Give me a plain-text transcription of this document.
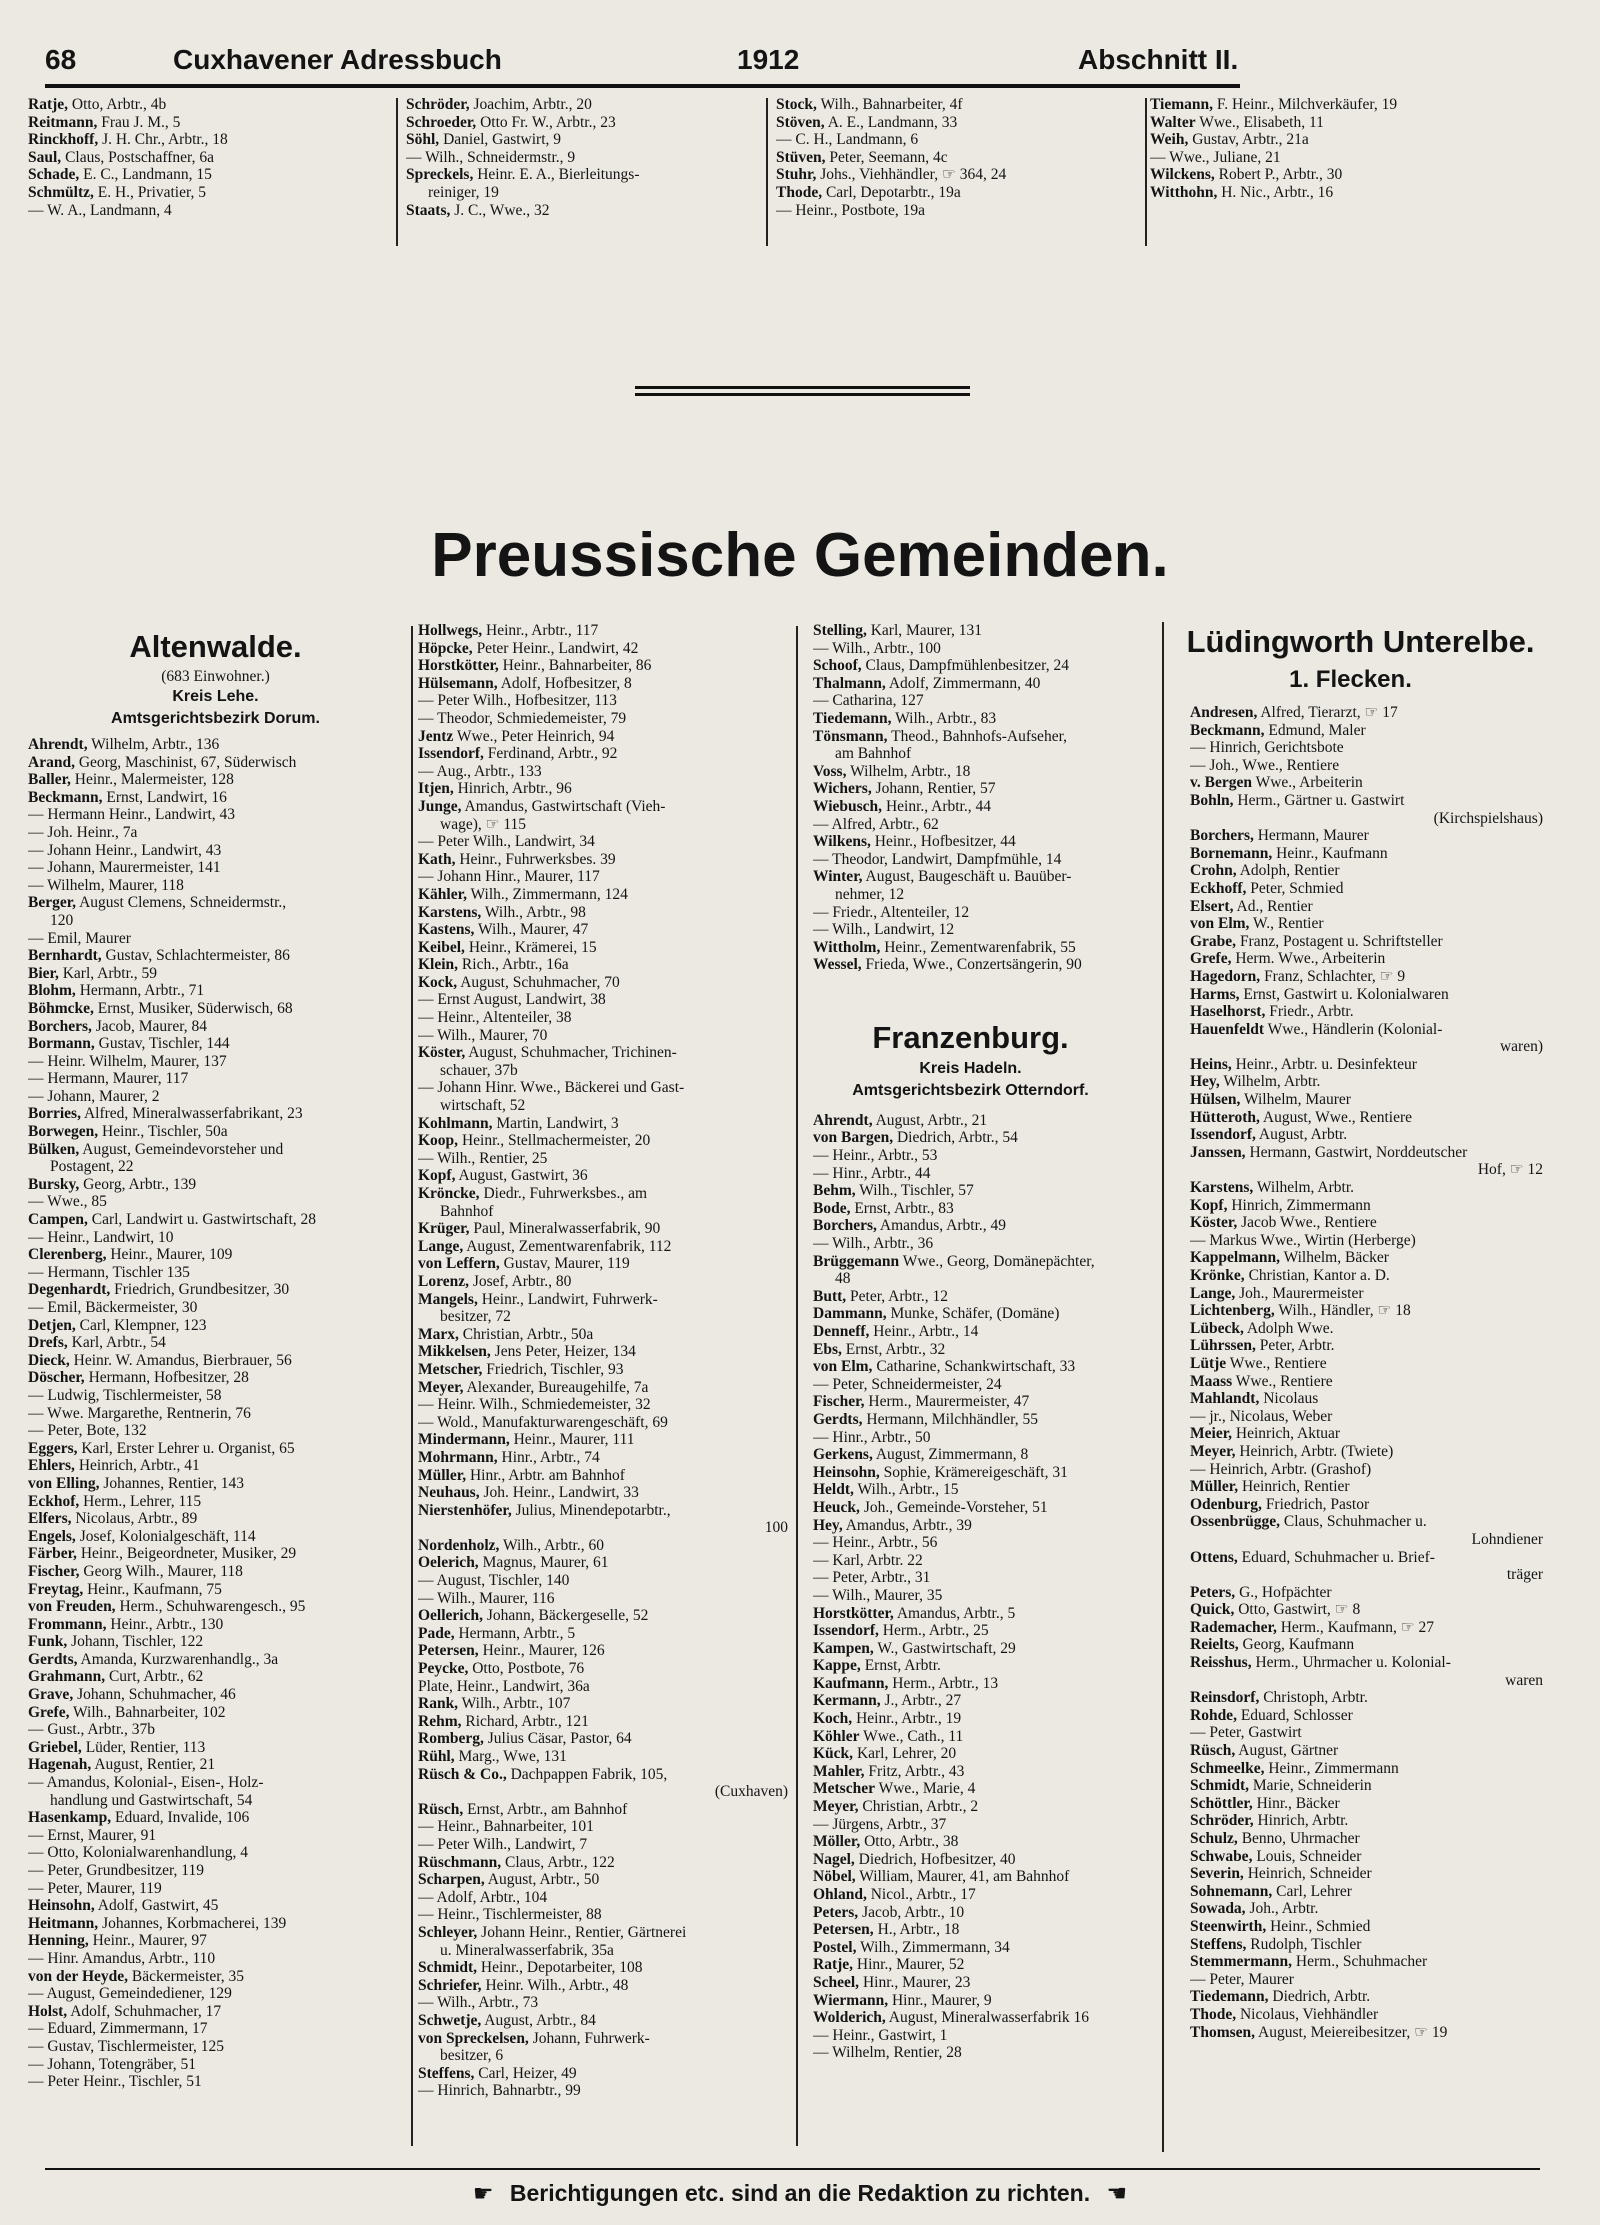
68	Cuxhavener Adressbuch	1912	Abschnitt II.
Ratje, Otto, Arbtr., 4b
Reitmann, Frau J. M., 5
Rinckhoff, J. H. Chr., Arbtr., 18
Saul, Claus, Postschaffner, 6a
Schade, E. C., Landmann, 15
Schmültz, E. H., Privatier, 5
— W. A., Landmann, 4
Schröder, Joachim, Arbtr., 20
Schroeder, Otto Fr. W., Arbtr., 23
Söhl, Daniel, Gastwirt, 9
— Wilh., Schneidermstr., 9
Spreckels, Heinr. E. A., Bierleitungs-
reiniger, 19
Staats, J. C., Wwe., 32
Stock, Wilh., Bahnarbeiter, 4f
Stöven, A. E., Landmann, 33
— C. H., Landmann, 6
Stüven, Peter, Seemann, 4c
Stuhr, Johs., Viehhändler, ☞ 364, 24
Thode, Carl, Depotarbtr., 19a
— Heinr., Postbote, 19a
Tiemann, F. Heinr., Milchverkäufer, 19
Walter Wwe., Elisabeth, 11
Weih, Gustav, Arbtr., 21a
— Wwe., Juliane, 21
Wilckens, Robert P., Arbtr., 30
Witthohn, H. Nic., Arbtr., 16
Preussische Gemeinden.
Altenwalde.
(683 Einwohner.)
Kreis Lehe.
Amtsgerichtsbezirk Dorum.
Ahrendt, Wilhelm, Arbtr., 136
Arand, Georg, Maschinist, 67, Süderwisch
Baller, Heinr., Malermeister, 128
Beckmann, Ernst, Landwirt, 16
— Hermann Heinr., Landwirt, 43
— Joh. Heinr., 7a
— Johann Heinr., Landwirt, 43
— Johann, Maurermeister, 141
— Wilhelm, Maurer, 118
Berger, August Clemens, Schneidermstr.,
120
— Emil, Maurer
Bernhardt, Gustav, Schlachtermeister, 86
Bier, Karl, Arbtr., 59
Blohm, Hermann, Arbtr., 71
Böhmcke, Ernst, Musiker, Süderwisch, 68
Borchers, Jacob, Maurer, 84
Bormann, Gustav, Tischler, 144
— Heinr. Wilhelm, Maurer, 137
— Hermann, Maurer, 117
— Johann, Maurer, 2
Borries, Alfred, Mineralwasserfabrikant, 23
Borwegen, Heinr., Tischler, 50a
Bülken, August, Gemeindevorsteher und
Postagent, 22
Bursky, Georg, Arbtr., 139
— Wwe., 85
Campen, Carl, Landwirt u. Gastwirtschaft, 28
— Heinr., Landwirt, 10
Clerenberg, Heinr., Maurer, 109
— Hermann, Tischler 135
Degenhardt, Friedrich, Grundbesitzer, 30
— Emil, Bäckermeister, 30
Detjen, Carl, Klempner, 123
Drefs, Karl, Arbtr., 54
Dieck, Heinr. W. Amandus, Bierbrauer, 56
Döscher, Hermann, Hofbesitzer, 28
— Ludwig, Tischlermeister, 58
— Wwe. Margarethe, Rentnerin, 76
— Peter, Bote, 132
Eggers, Karl, Erster Lehrer u. Organist, 65
Ehlers, Heinrich, Arbtr., 41
von Elling, Johannes, Rentier, 143
Eckhof, Herm., Lehrer, 115
Elfers, Nicolaus, Arbtr., 89
Engels, Josef, Kolonialgeschäft, 114
Färber, Heinr., Beigeordneter, Musiker, 29
Fischer, Georg Wilh., Maurer, 118
Freytag, Heinr., Kaufmann, 75
von Freuden, Herm., Schuhwarengesch., 95
Frommann, Heinr., Arbtr., 130
Funk, Johann, Tischler, 122
Gerdts, Amanda, Kurzwarenhandlg., 3a
Grahmann, Curt, Arbtr., 62
Grave, Johann, Schuhmacher, 46
Grefe, Wilh., Bahnarbeiter, 102
— Gust., Arbtr., 37b
Griebel, Lüder, Rentier, 113
Hagenah, August, Rentier, 21
— Amandus, Kolonial-, Eisen-, Holz-
handlung und Gastwirtschaft, 54
Hasenkamp, Eduard, Invalide, 106
— Ernst, Maurer, 91
— Otto, Kolonialwarenhandlung, 4
— Peter, Grundbesitzer, 119
— Peter, Maurer, 119
Heinsohn, Adolf, Gastwirt, 45
Heitmann, Johannes, Korbmacherei, 139
Henning, Heinr., Maurer, 97
— Hinr. Amandus, Arbtr., 110
von der Heyde, Bäckermeister, 35
— August, Gemeindediener, 129
Holst, Adolf, Schuhmacher, 17
— Eduard, Zimmermann, 17
— Gustav, Tischlermeister, 125
— Johann, Totengräber, 51
— Peter Heinr., Tischler, 51
Hollwegs, Heinr., Arbtr., 117
Höpcke, Peter Heinr., Landwirt, 42
Horstkötter, Heinr., Bahnarbeiter, 86
Hülsemann, Adolf, Hofbesitzer, 8
— Peter Wilh., Hofbesitzer, 113
— Theodor, Schmiedemeister, 79
Jentz Wwe., Peter Heinrich, 94
Issendorf, Ferdinand, Arbtr., 92
— Aug., Arbtr., 133
Itjen, Hinrich, Arbtr., 96
Junge, Amandus, Gastwirtschaft (Vieh-
wage), ☞ 115
— Peter Wilh., Landwirt, 34
Kath, Heinr., Fuhrwerksbes. 39
— Johann Hinr., Maurer, 117
Kähler, Wilh., Zimmermann, 124
Karstens, Wilh., Arbtr., 98
Kastens, Wilh., Maurer, 47
Keibel, Heinr., Krämerei, 15
Klein, Rich., Arbtr., 16a
Kock, August, Schuhmacher, 70
— Ernst August, Landwirt, 38
— Heinr., Altenteiler, 38
— Wilh., Maurer, 70
Köster, August, Schuhmacher, Trichinen-
schauer, 37b
— Johann Hinr. Wwe., Bäckerei und Gast-
wirtschaft, 52
Kohlmann, Martin, Landwirt, 3
Koop, Heinr., Stellmachermeister, 20
— Wilh., Rentier, 25
Kopf, August, Gastwirt, 36
Kröncke, Diedr., Fuhrwerksbes., am
Bahnhof
Krüger, Paul, Mineralwasserfabrik, 90
Lange, August, Zementwarenfabrik, 112
von Leffern, Gustav, Maurer, 119
Lorenz, Josef, Arbtr., 80
Mangels, Heinr., Landwirt, Fuhrwerk-
besitzer, 72
Marx, Christian, Arbtr., 50a
Mikkelsen, Jens Peter, Heizer, 134
Metscher, Friedrich, Tischler, 93
Meyer, Alexander, Bureaugehilfe, 7a
— Heinr. Wilh., Schmiedemeister, 32
— Wold., Manufakturwarengeschäft, 69
Mindermann, Heinr., Maurer, 111
Mohrmann, Hinr., Arbtr., 74
Müller, Hinr., Arbtr. am Bahnhof
Neuhaus, Joh. Heinr., Landwirt, 33
Nierstenhöfer, Julius, Minendepotarbtr.,
100
Nordenholz, Wilh., Arbtr., 60
Oelerich, Magnus, Maurer, 61
— August, Tischler, 140
— Wilh., Maurer, 116
Oellerich, Johann, Bäckergeselle, 52
Pade, Hermann, Arbtr., 5
Petersen, Heinr., Maurer, 126
Peycke, Otto, Postbote, 76
Plate, Heinr., Landwirt, 36a
Rank, Wilh., Arbtr., 107
Rehm, Richard, Arbtr., 121
Romberg, Julius Cäsar, Pastor, 64
Rühl, Marg., Wwe, 131
Rüsch & Co., Dachpappen Fabrik, 105,
(Cuxhaven)
Rüsch, Ernst, Arbtr., am Bahnhof
— Heinr., Bahnarbeiter, 101
— Peter Wilh., Landwirt, 7
Rüschmann, Claus, Arbtr., 122
Scharpen, August, Arbtr., 50
— Adolf, Arbtr., 104
— Heinr., Tischlermeister, 88
Schleyer, Johann Heinr., Rentier, Gärtnerei
u. Mineralwasserfabrik, 35a
Schmidt, Heinr., Depotarbeiter, 108
Schriefer, Heinr. Wilh., Arbtr., 48
— Wilh., Arbtr., 73
Schwetje, August, Arbtr., 84
von Spreckelsen, Johann, Fuhrwerk-
besitzer, 6
Steffens, Carl, Heizer, 49
— Hinrich, Bahnarbtr., 99
Stelling, Karl, Maurer, 131
— Wilh., Arbtr., 100
Schoof, Claus, Dampfmühlenbesitzer, 24
Thalmann, Adolf, Zimmermann, 40
— Catharina, 127
Tiedemann, Wilh., Arbtr., 83
Tönsmann, Theod., Bahnhofs-Aufseher,
am Bahnhof
Voss, Wilhelm, Arbtr., 18
Wichers, Johann, Rentier, 57
Wiebusch, Heinr., Arbtr., 44
— Alfred, Arbtr., 62
Wilkens, Heinr., Hofbesitzer, 44
— Theodor, Landwirt, Dampfmühle, 14
Winter, August, Baugeschäft u. Bauüber-
nehmer, 12
— Friedr., Altenteiler, 12
— Wilh., Landwirt, 12
Wittholm, Heinr., Zementwarenfabrik, 55
Wessel, Frieda, Wwe., Conzertsängerin, 90
Franzenburg.
Kreis Hadeln.
Amtsgerichtsbezirk Otterndorf.
Ahrendt, August, Arbtr., 21
von Bargen, Diedrich, Arbtr., 54
— Heinr., Arbtr., 53
— Hinr., Arbtr., 44
Behm, Wilh., Tischler, 57
Bode, Ernst, Arbtr., 83
Borchers, Amandus, Arbtr., 49
— Wilh., Arbtr., 36
Brüggemann Wwe., Georg, Domänepächter,
48
Butt, Peter, Arbtr., 12
Dammann, Munke, Schäfer, (Domäne)
Denneff, Heinr., Arbtr., 14
Ebs, Ernst, Arbtr., 32
von Elm, Catharine, Schankwirtschaft, 33
— Peter, Schneidermeister, 24
Fischer, Herm., Maurermeister, 47
Gerdts, Hermann, Milchhändler, 55
— Hinr., Arbtr., 50
Gerkens, August, Zimmermann, 8
Heinsohn, Sophie, Krämereigeschäft, 31
Heldt, Wilh., Arbtr., 15
Heuck, Joh., Gemeinde-Vorsteher, 51
Hey, Amandus, Arbtr., 39
— Heinr., Arbtr., 56
— Karl, Arbtr. 22
— Peter, Arbtr., 31
— Wilh., Maurer, 35
Horstkötter, Amandus, Arbtr., 5
Issendorf, Herm., Arbtr., 25
Kampen, W., Gastwirtschaft, 29
Kappe, Ernst, Arbtr.
Kaufmann, Herm., Arbtr., 13
Kermann, J., Arbtr., 27
Koch, Heinr., Arbtr., 19
Köhler Wwe., Cath., 11
Kück, Karl, Lehrer, 20
Mahler, Fritz, Arbtr., 43
Metscher Wwe., Marie, 4
Meyer, Christian, Arbtr., 2
— Jürgens, Arbtr., 37
Möller, Otto, Arbtr., 38
Nagel, Diedrich, Hofbesitzer, 40
Nöbel, William, Maurer, 41, am Bahnhof
Ohland, Nicol., Arbtr., 17
Peters, Jacob, Arbtr., 10
Petersen, H., Arbtr., 18
Postel, Wilh., Zimmermann, 34
Ratje, Hinr., Maurer, 52
Scheel, Hinr., Maurer, 23
Wiermann, Hinr., Maurer, 9
Wolderich, August, Mineralwasserfabrik 16
— Heinr., Gastwirt, 1
— Wilhelm, Rentier, 28
Lüdingworth Unterelbe.
1. Flecken.
Andresen, Alfred, Tierarzt, ☞ 17
Beckmann, Edmund, Maler
— Hinrich, Gerichtsbote
— Joh., Wwe., Rentiere
v. Bergen Wwe., Arbeiterin
Bohln, Herm., Gärtner u. Gastwirt
(Kirchspielshaus)
Borchers, Hermann, Maurer
Bornemann, Heinr., Kaufmann
Crohn, Adolph, Rentier
Eckhoff, Peter, Schmied
Elsert, Ad., Rentier
von Elm, W., Rentier
Grabe, Franz, Postagent u. Schriftsteller
Grefe, Herm. Wwe., Arbeiterin
Hagedorn, Franz, Schlachter, ☞ 9
Harms, Ernst, Gastwirt u. Kolonialwaren
Haselhorst, Friedr., Arbtr.
Hauenfeldt Wwe., Händlerin (Kolonial-
waren)
Heins, Heinr., Arbtr. u. Desinfekteur
Hey, Wilhelm, Arbtr.
Hülsen, Wilhelm, Maurer
Hütteroth, August, Wwe., Rentiere
Issendorf, August, Arbtr.
Janssen, Hermann, Gastwirt, Norddeutscher
Hof, ☞ 12
Karstens, Wilhelm, Arbtr.
Kopf, Hinrich, Zimmermann
Köster, Jacob Wwe., Rentiere
— Markus Wwe., Wirtin (Herberge)
Kappelmann, Wilhelm, Bäcker
Krönke, Christian, Kantor a. D.
Lange, Joh., Maurermeister
Lichtenberg, Wilh., Händler, ☞ 18
Lübeck, Adolph Wwe.
Lührssen, Peter, Arbtr.
Lütje Wwe., Rentiere
Maass Wwe., Rentiere
Mahlandt, Nicolaus
— jr., Nicolaus, Weber
Meier, Heinrich, Aktuar
Meyer, Heinrich, Arbtr. (Twiete)
— Heinrich, Arbtr. (Grashof)
Müller, Heinrich, Rentier
Odenburg, Friedrich, Pastor
Ossenbrügge, Claus, Schuhmacher u.
Lohndiener
Ottens, Eduard, Schuhmacher u. Brief-
träger
Peters, G., Hofpächter
Quick, Otto, Gastwirt, ☞ 8
Rademacher, Herm., Kaufmann, ☞ 27
Reielts, Georg, Kaufmann
Reisshus, Herm., Uhrmacher u. Kolonial-
waren
Reinsdorf, Christoph, Arbtr.
Rohde, Eduard, Schlosser
— Peter, Gastwirt
Rüsch, August, Gärtner
Schmeelke, Heinr., Zimmermann
Schmidt, Marie, Schneiderin
Schöttler, Hinr., Bäcker
Schröder, Hinrich, Arbtr.
Schulz, Benno, Uhrmacher
Schwabe, Louis, Schneider
Severin, Heinrich, Schneider
Sohnemann, Carl, Lehrer
Sowada, Joh., Arbtr.
Steenwirth, Heinr., Schmied
Steffens, Rudolph, Tischler
Stemmermann, Herm., Schuhmacher
— Peter, Maurer
Tiedemann, Diedrich, Arbtr.
Thode, Nicolaus, Viehhändler
Thomsen, August, Meiereibesitzer, ☞ 19
☛ Berichtigungen etc. sind an die Redaktion zu richten. ☚
